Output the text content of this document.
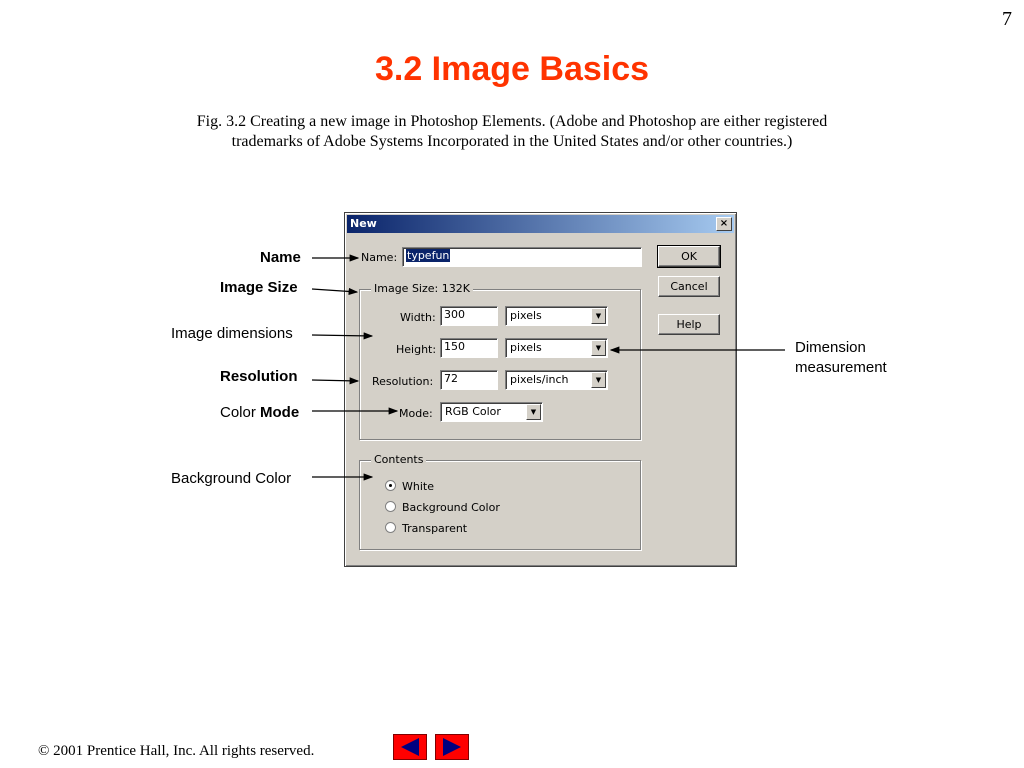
7
3.2 Image Basics
Fig. 3.2 Creating a new image in Photoshop Elements. (Adobe and Photoshop are either registered
trademarks of Adobe Systems Incorporated in the United States and/or other countries.)
Name
Image Size
Image dimensions
Resolution
Color Mode
Background Color
Dimension
measurement
New	×
Name: typefun	OK
Cancel
Help
Image Size: 132K
Width: 300	pixels	▼
Height: 150	pixels	▼
Resolution: 72	pixels/inch	▼
Mode:	RGB Color	▼
Contents
White
Background Color
Transparent
© 2001 Prentice Hall, Inc. All rights reserved.
